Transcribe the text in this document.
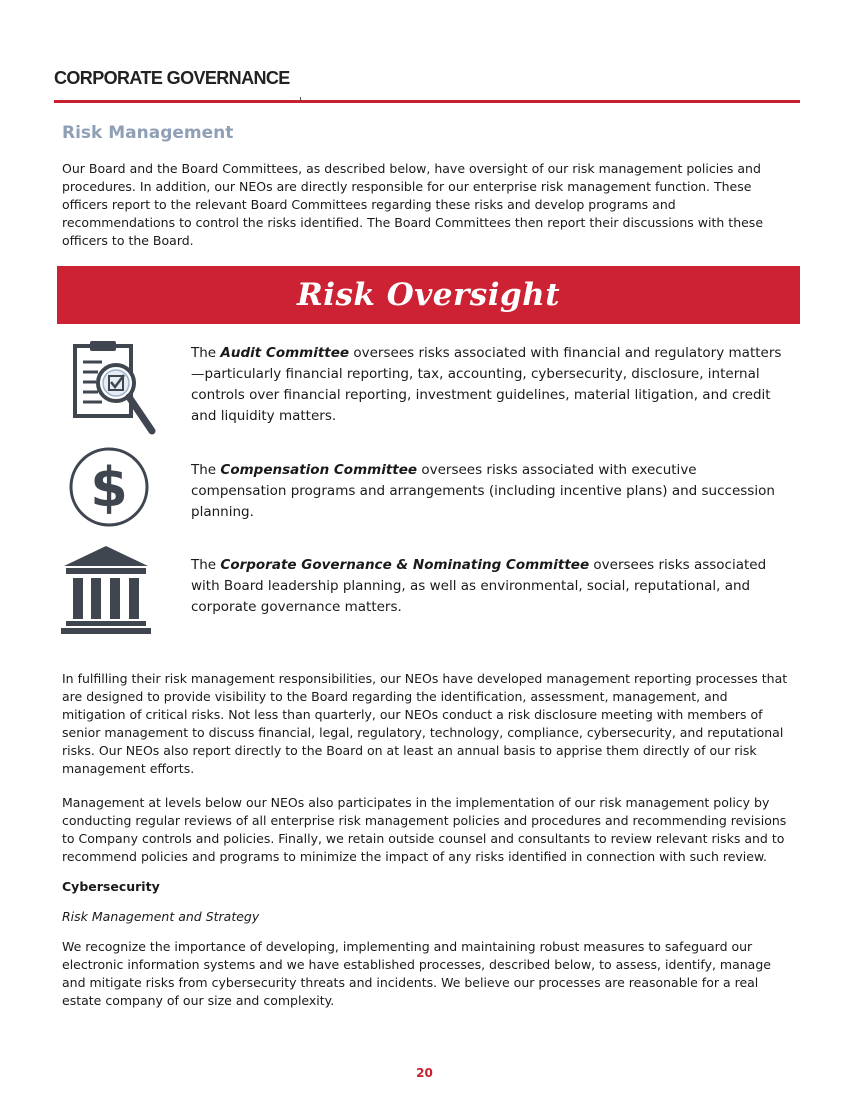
CORPORATE GOVERNANCE
Risk Management

Our Board and the Board Committees, as described below, have oversight of our risk management policies and procedures. In addition, our NEOs are directly responsible for our enterprise risk management function. These officers report to the relevant Board Committees regarding these risks and develop programs and recommendations to control the risks identified. The Board Committees then report their discussions with these officers to the Board.

Risk Oversight
The Audit Committee oversees risks associated with financial and regulatory matters—particularly financial reporting, tax, accounting, cybersecurity, disclosure, internal controls over financial reporting, investment guidelines, material litigation, and credit and liquidity matters.
$	The Compensation Committee oversees risks associated with executive compensation programs and arrangements (including incentive plans) and succession planning.
The Corporate Governance & Nominating Committee oversees risks associated with Board leadership planning, as well as environmental, social, reputational, and corporate governance matters.

In fulfilling their risk management responsibilities, our NEOs have developed management reporting processes that are designed to provide visibility to the Board regarding the identification, assessment, management, and mitigation of critical risks. Not less than quarterly, our NEOs conduct a risk disclosure meeting with members of senior management to discuss financial, legal, regulatory, technology, compliance, cybersecurity, and reputational risks. Our NEOs also report directly to the Board on at least an annual basis to apprise them directly of our risk management efforts.

Management at levels below our NEOs also participates in the implementation of our risk management policy by conducting regular reviews of all enterprise risk management policies and procedures and recommending revisions to Company controls and policies. Finally, we retain outside counsel and consultants to review relevant risks and to recommend policies and programs to minimize the impact of any risks identified in connection with such review.

Cybersecurity
Risk Management and Strategy

We recognize the importance of developing, implementing and maintaining robust measures to safeguard our electronic information systems and we have established processes, described below, to assess, identify, manage and mitigate risks from cybersecurity threats and incidents. We believe our processes are reasonable for a real estate company of our size and complexity.

20
